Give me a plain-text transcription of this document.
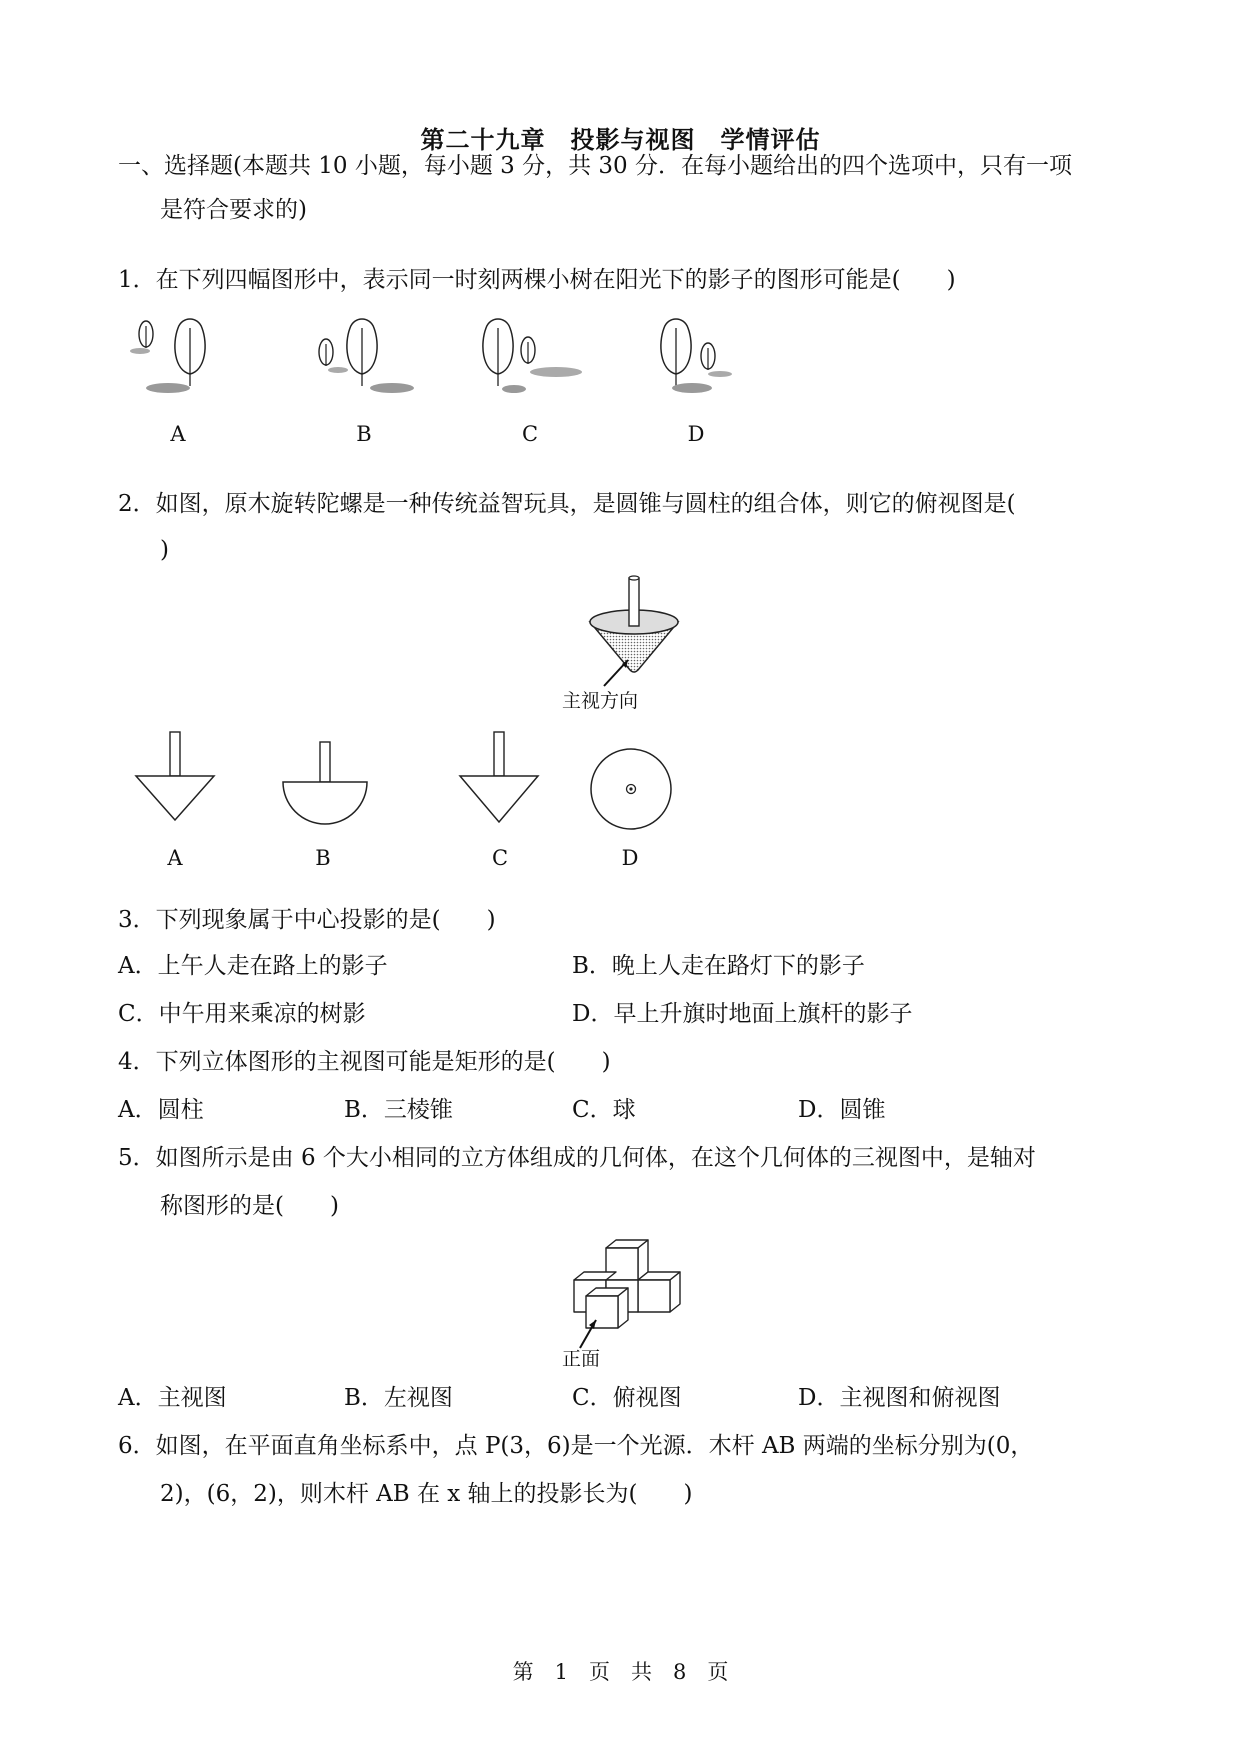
第二十九章　投影与视图　学情评估
一、选择题(本题共 10 小题，每小题 3 分，共 30 分．在每小题给出的四个选项中，只有一项
是符合要求的)
1．在下列四幅图形中，表示同一时刻两棵小树在阳光下的影子的图形可能是(　　)
A	B	C	D
2．如图，原木旋转陀螺是一种传统益智玩具，是圆锥与圆柱的组合体，则它的俯视图是(
)
主视方向
A	B	C	D
3．下列现象属于中心投影的是(　　)
A．上午人走在路上的影子	B．晚上人走在路灯下的影子
C．中午用来乘凉的树影	D．早上升旗时地面上旗杆的影子
4．下列立体图形的主视图可能是矩形的是(　　)
A．圆柱	B．三棱锥	C．球	D．圆锥
5．如图所示是由 6 个大小相同的立方体组成的几何体，在这个几何体的三视图中，是轴对
称图形的是(　　)
正面
A．主视图	B．左视图	C．俯视图	D．主视图和俯视图
6．如图，在平面直角坐标系中，点 P(3，6)是一个光源．木杆 AB 两端的坐标分别为(0，
2)，(6，2)，则木杆 AB 在 x 轴上的投影长为(　　)
第　1　页　共　8　页
